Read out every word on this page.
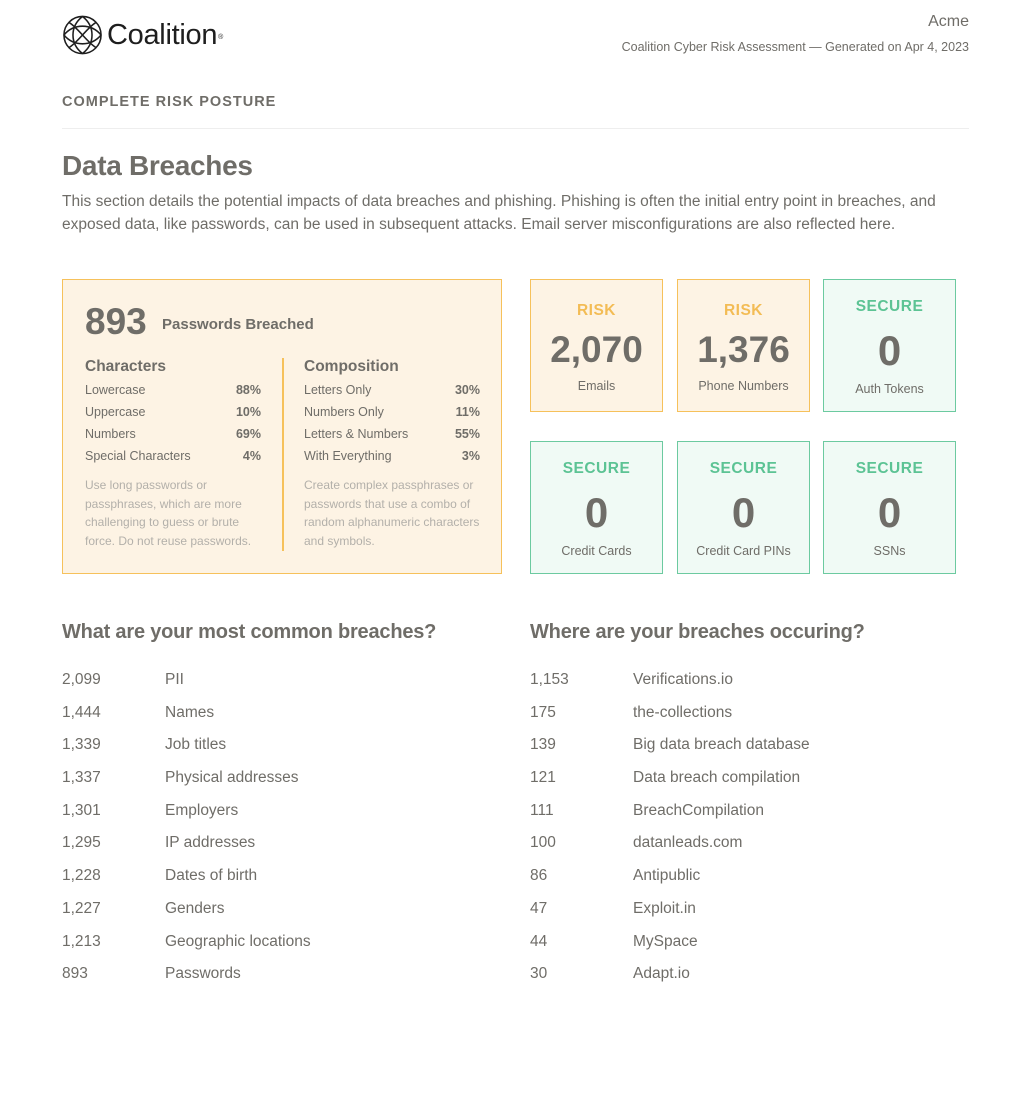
Coalition ®
Acme
Coalition Cyber Risk Assessment — Generated on Apr 4, 2023
COMPLETE RISK POSTURE
Data Breaches

This section details the potential impacts of data breaches and phishing. Phishing is often the initial entry point in breaches, and exposed data, like passwords, can be used in subsequent attacks. Email server misconfigurations are also reflected here.

893 Passwords Breached
Characters
Lowercase	88%
Uppercase	10%
Numbers	69%
Special Characters	4%

Use long passwords or passphrases, which are more challenging to guess or brute force. Do not reuse passwords.

Composition
Letters Only	30%
Numbers Only	11%
Letters & Numbers	55%
With Everything	3%

Create complex passphrases or passwords that use a combo of random alphanumeric characters and symbols.

RISK
2,070
Emails
RISK
1,376
Phone Numbers
SECURE
0
Auth Tokens
SECURE
0
Credit Cards
SECURE
0
Credit Card PINs
SECURE
0
SSNs
What are your most common breaches?
2,099	PII
1,444	Names
1,339	Job titles
1,337	Physical addresses
1,301	Employers
1,295	IP addresses
1,228	Dates of birth
1,227	Genders
1,213	Geographic locations
893	Passwords
Where are your breaches occuring?
1,153	Verifications.io
175	the-collections
139	Big data breach database
121	Data breach compilation
111	BreachCompilation
100	datanleads.com
86	Antipublic
47	Exploit.in
44	MySpace
30	Adapt.io
